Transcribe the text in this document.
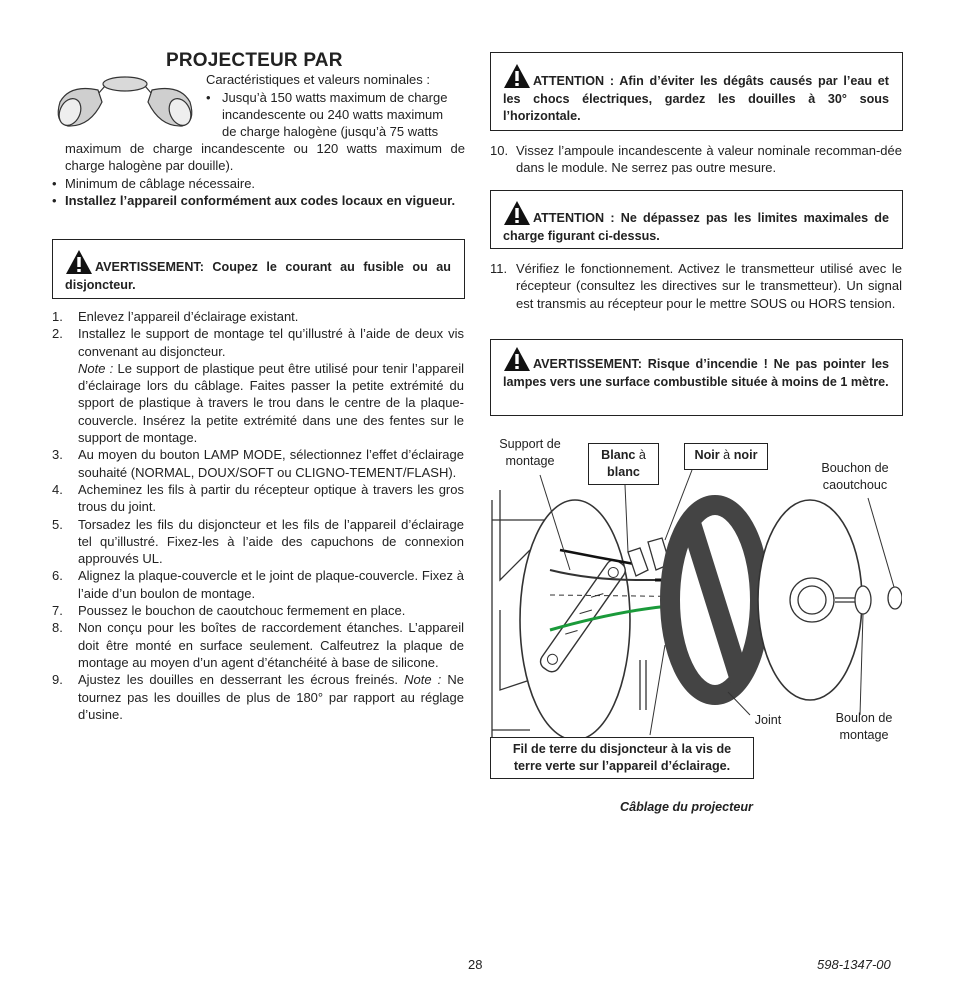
PROJECTEUR PAR
Caractéristiques et valeurs nominales :
• Jusqu’à 150 watts maximum de charge
incandescente ou 240 watts maximum
de charge halogène (jusqu’à 75 watts
maximum de charge incandescente ou 120 watts maximum de charge halogène par douille).
• Minimum de câblage nécessaire.
• Installez l’appareil conformément aux codes locaux en vigueur.
AVERTISSEMENT: Coupez le courant au fusible ou au disjoncteur.
1. Enlevez l’appareil d’éclairage existant.
2. Installez le support de montage tel qu’illustré à l’aide de deux vis convenant au disjoncteur.
Note : Le support de plastique peut être utilisé pour tenir l’appareil d’éclairage lors du câblage. Faites passer la petite extrémité du spport de plastique à travers le trou dans le centre de la plaque-couvercle. Insérez la petite extrémité dans une des fentes sur le support de montage.
3. Au moyen du bouton LAMP MODE, sélectionnez l’effet d’éclairage souhaité (NORMAL, DOUX/SOFT ou CLIGNO-TEMENT/FLASH).
4. Acheminez les fils à partir du récepteur optique à travers les gros trous du joint.
5. Torsadez les fils du disjoncteur et les fils de l’appareil d’éclairage tel qu’illustré. Fixez-les à l’aide des capuchons de connexion approuvés UL.
6. Alignez la plaque-couvercle et le joint de plaque-couvercle. Fixez à l’aide d’un boulon de montage.
7. Poussez le bouchon de caoutchouc fermement en place.
8. Non conçu pour les boîtes de raccordement étanches. L’appareil doit être monté en surface seulement. Calfeutrez la plaque de montage au moyen d’un agent d’étanchéité à base de silicone.
9. Ajustez les douilles en desserrant les écrous freinés. Note : Ne tournez pas les douilles de plus de 180° par rapport au réglage d’usine.
ATTENTION : Afin d’éviter les dégâts causés par l’eau et les chocs électriques, gardez les douilles à 30° sous l’horizontale.
10. Vissez l’ampoule incandescente à valeur nominale recomman-dée dans le module. Ne serrez pas outre mesure.
ATTENTION : Ne dépassez pas les limites maximales de charge figurant ci-dessus.
11. Vérifiez le fonctionnement. Activez le transmetteur utilisé avec le récepteur (consultez les directives sur le transmetteur). Un signal est transmis au récepteur pour le mettre SOUS ou HORS tension.
AVERTISSEMENT: Risque d’incendie ! Ne pas pointer les lampes vers une surface combustible située à moins de 1 mètre.
Support de
montage	Blanc à
blanc
Noir à noir
Bouchon de
caoutchouc
Joint	Boulon de
montage
Fil de terre du disjoncteur à la vis de
terre verte sur l’appareil d’éclairage.
Câblage du projecteur
28	598-1347-00
